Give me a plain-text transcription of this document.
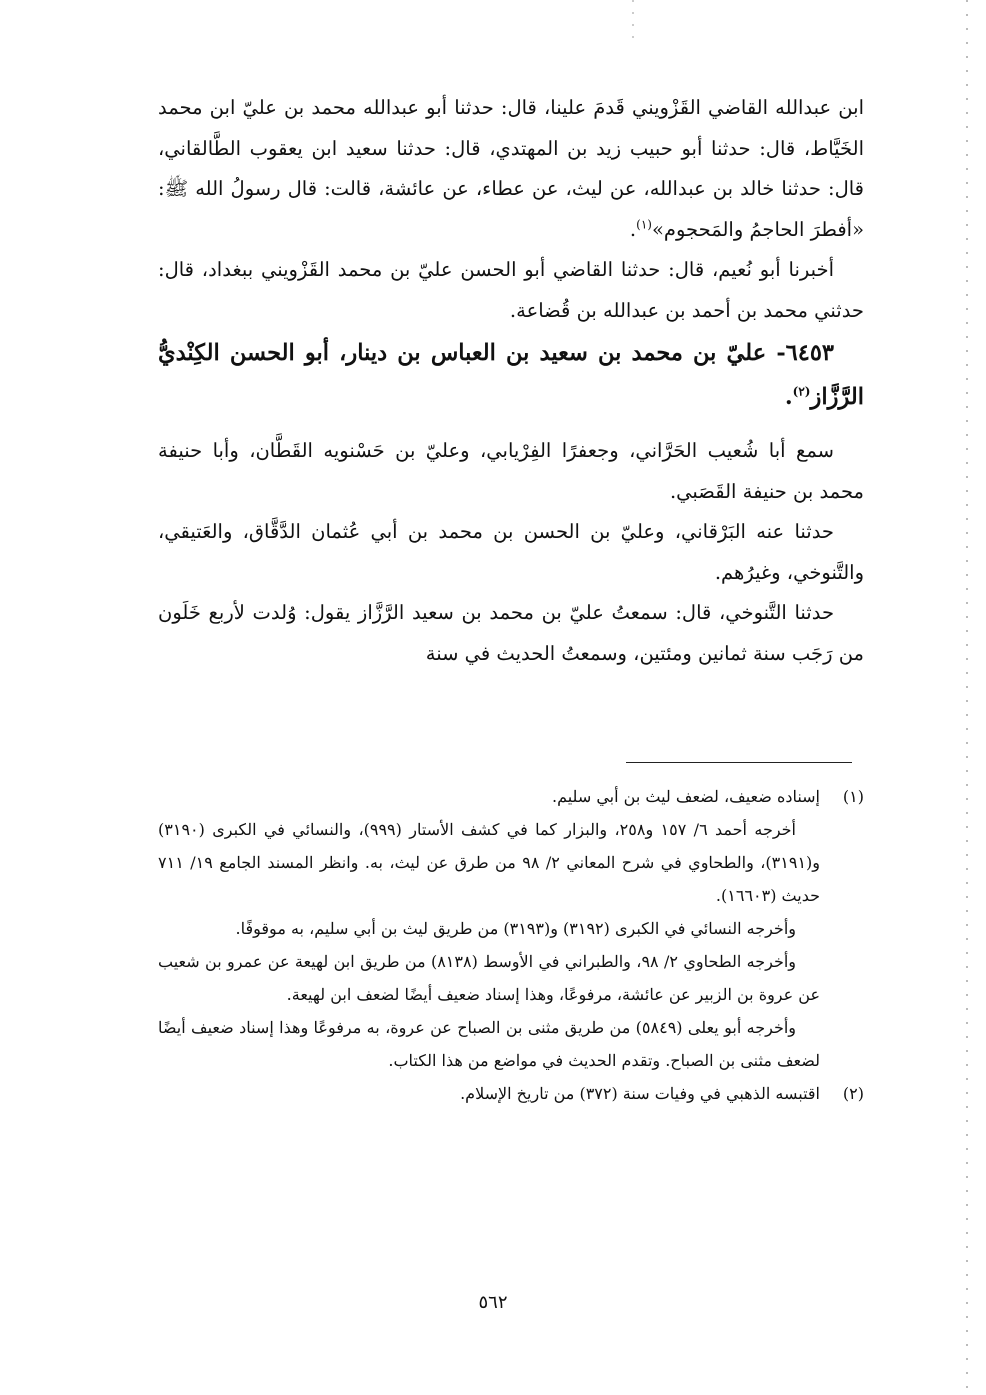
ابن عبدالله القاضي القَزْويني قَدمَ علينا، قال: حدثنا أبو عبدالله محمد بن عليّ ابن محمد الخَيَّاط، قال: حدثنا أبو حبيب زيد بن المهتدي، قال: حدثنا سعيد ابن يعقوب الطَّالقاني، قال: حدثنا خالد بن عبدالله، عن ليث، عن عطاء، عن عائشة، قالت: قال رسولُ الله ﷺ: «أفطرَ الحاجمُ والمَحجوم»$^{(١)}$.

أخبرنا أبو نُعيم، قال: حدثنا القاضي أبو الحسن عليّ بن محمد القَزْويني ببغداد، قال: حدثني محمد بن أحمد بن عبدالله بن قُضاعة.

٦٤٥٣- عليّ بن محمد بن سعيد بن العباس بن دينار، أبو الحسن الكِنْديُّ الرَّزَّاز$^{(٢)}$.

سمع أبا شُعيب الحَرَّاني، وجعفرًا الفِرْيابي، وعليّ بن حَسْنويه القَطَّان، وأبا حنيفة محمد بن حنيفة القَصَبي.

حدثنا عنه البَرْقاني، وعليّ بن الحسن بن محمد بن أبي عُثمان الدَّقَّاق، والعَتيقي، والتَّنوخي، وغيرُهم.

حدثنا التَّنوخي، قال: سمعتُ عليّ بن محمد بن سعيد الرَّزَّاز يقول: وُلدت لأربع خَلَون من رَجَب سنة ثمانين ومئتين، وسمعتُ الحديث في سنة

(١)

إسناده ضعيف، لضعف ليث بن أبي سليم.

أخرجه أحمد ٦/ ١٥٧ و٢٥٨، والبزار كما في كشف الأستار (٩٩٩)، والنسائي في الكبرى (٣١٩٠) و(٣١٩١)، والطحاوي في شرح المعاني ٢/ ٩٨ من طرق عن ليث، به. وانظر المسند الجامع ١٩/ ٧١١ حديث (١٦٦٠٣).

وأخرجه النسائي في الكبرى (٣١٩٢) و(٣١٩٣) من طريق ليث بن أبي سليم، به موقوفًا.

وأخرجه الطحاوي ٢/ ٩٨، والطبراني في الأوسط (٨١٣٨) من طريق ابن لهيعة عن عمرو بن شعيب عن عروة بن الزبير عن عائشة، مرفوعًا، وهذا إسناد ضعيف أيضًا لضعف ابن لهيعة.

وأخرجه أبو يعلى (٥٨٤٩) من طريق مثنى بن الصباح عن عروة، به مرفوعًا وهذا إسناد ضعيف أيضًا لضعف مثنى بن الصباح. وتقدم الحديث في مواضع من هذا الكتاب.

(٢)

اقتبسه الذهبي في وفيات سنة (٣٧٢) من تاريخ الإسلام.

٥٦٢
